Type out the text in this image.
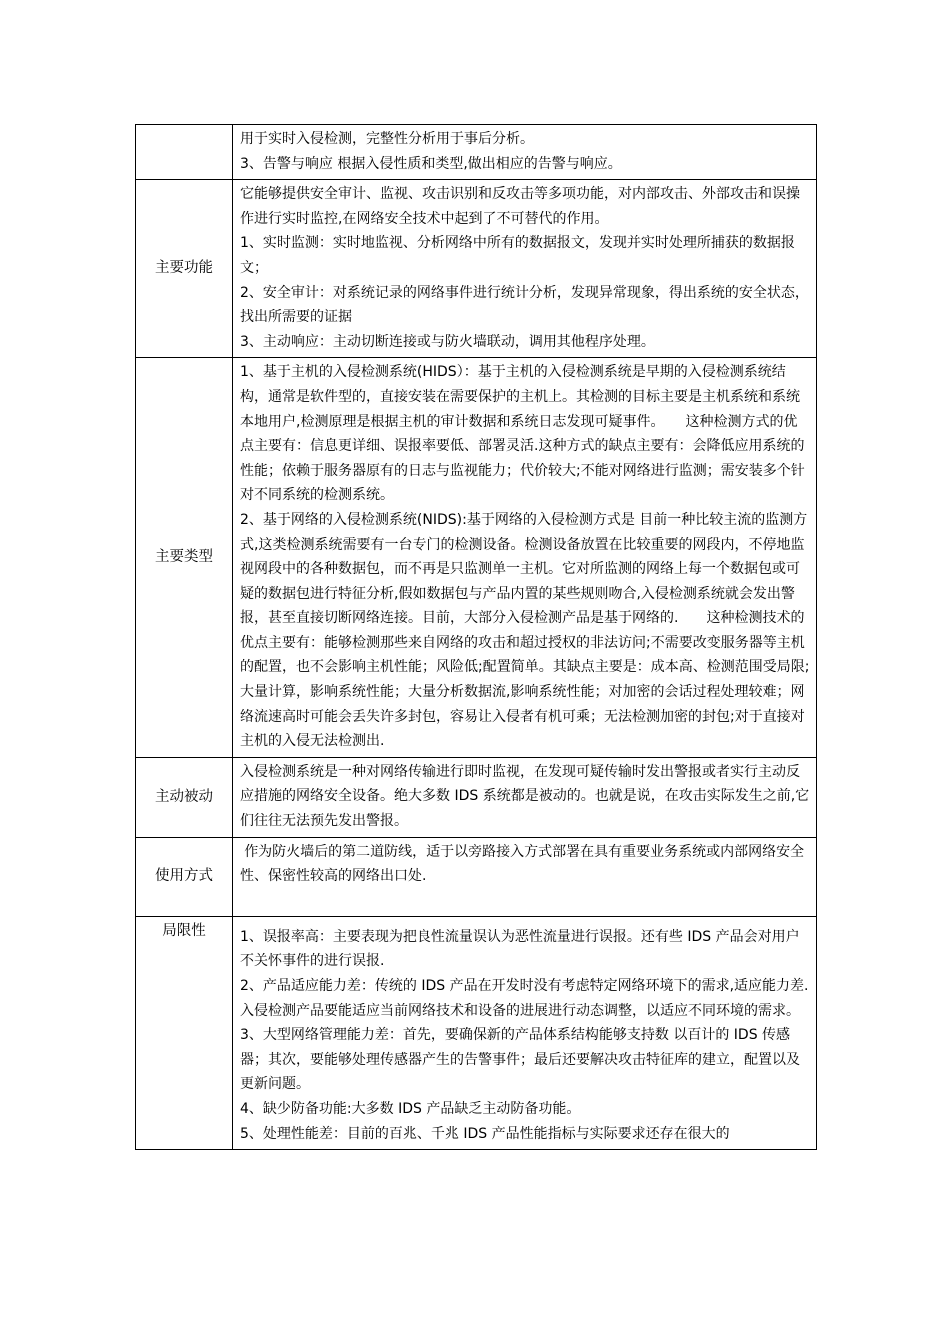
	用于实时入侵检测，完整性分析用于事后分析。

3、告警与响应 根据入侵性质和类型,做出相应的告警与响应。

主要功能	它能够提供安全审计、监视、攻击识别和反攻击等多项功能，对内部攻击、外部攻击和误操作进行实时监控,在网络安全技术中起到了不可替代的作用。

1、实时监测：实时地监视、分析网络中所有的数据报文，发现并实时处理所捕获的数据报文；

2、安全审计：对系统记录的网络事件进行统计分析，发现异常现象，得出系统的安全状态，找出所需要的证据

3、主动响应：主动切断连接或与防火墙联动，调用其他程序处理。

主要类型	1、基于主机的入侵检测系统(HIDS）：基于主机的入侵检测系统是早期的入侵检测系统结构，通常是软件型的，直接安装在需要保护的主机上。其检测的目标主要是主机系统和系统本地用户,检测原理是根据主机的审计数据和系统日志发现可疑事件。　　这种检测方式的优点主要有：信息更详细、误报率要低、部署灵活.这种方式的缺点主要有：会降低应用系统的性能；依赖于服务器原有的日志与监视能力；代价较大;不能对网络进行监测；需安装多个针对不同系统的检测系统。

2、基于网络的入侵检测系统(NIDS):基于网络的入侵检测方式是 目前一种比较主流的监测方式,这类检测系统需要有一台专门的检测设备。检测设备放置在比较重要的网段内，不停地监视网段中的各种数据包，而不再是只监测单一主机。它对所监测的网络上每一个数据包或可疑的数据包进行特征分析,假如数据包与产品内置的某些规则吻合,入侵检测系统就会发出警报，甚至直接切断网络连接。目前，大部分入侵检测产品是基于网络的.　　这种检测技术的优点主要有：能够检测那些来自网络的攻击和超过授权的非法访问;不需要改变服务器等主机的配置，也不会影响主机性能；风险低;配置简单。其缺点主要是：成本高、检测范围受局限;大量计算，影响系统性能；大量分析数据流,影响系统性能；对加密的会话过程处理较难；网络流速高时可能会丢失许多封包，容易让入侵者有机可乘；无法检测加密的封包;对于直接对主机的入侵无法检测出.

主动被动	入侵检测系统是一种对网络传输进行即时监视，在发现可疑传输时发出警报或者实行主动反应措施的网络安全设备。绝大多数 IDS 系统都是被动的。也就是说，在攻击实际发生之前,它们往往无法预先发出警报。

使用方式	作为防火墙后的第二道防线，适于以旁路接入方式部署在具有重要业务系统或内部网络安全性、保密性较高的网络出口处.

局限性	1、误报率高：主要表现为把良性流量误认为恶性流量进行误报。还有些 IDS 产品会对用户不关怀事件的进行误报.

2、产品适应能力差：传统的 IDS 产品在开发时没有考虑特定网络环境下的需求,适应能力差.入侵检测产品要能适应当前网络技术和设备的进展进行动态调整，以适应不同环境的需求。

3、大型网络管理能力差：首先，要确保新的产品体系结构能够支持数 以百计的 IDS 传感器；其次，要能够处理传感器产生的告警事件；最后还要解决攻击特征库的建立，配置以及更新问题。

4、缺少防备功能:大多数 IDS 产品缺乏主动防备功能。

5、处理性能差：目前的百兆、千兆 IDS 产品性能指标与实际要求还存在很大的
